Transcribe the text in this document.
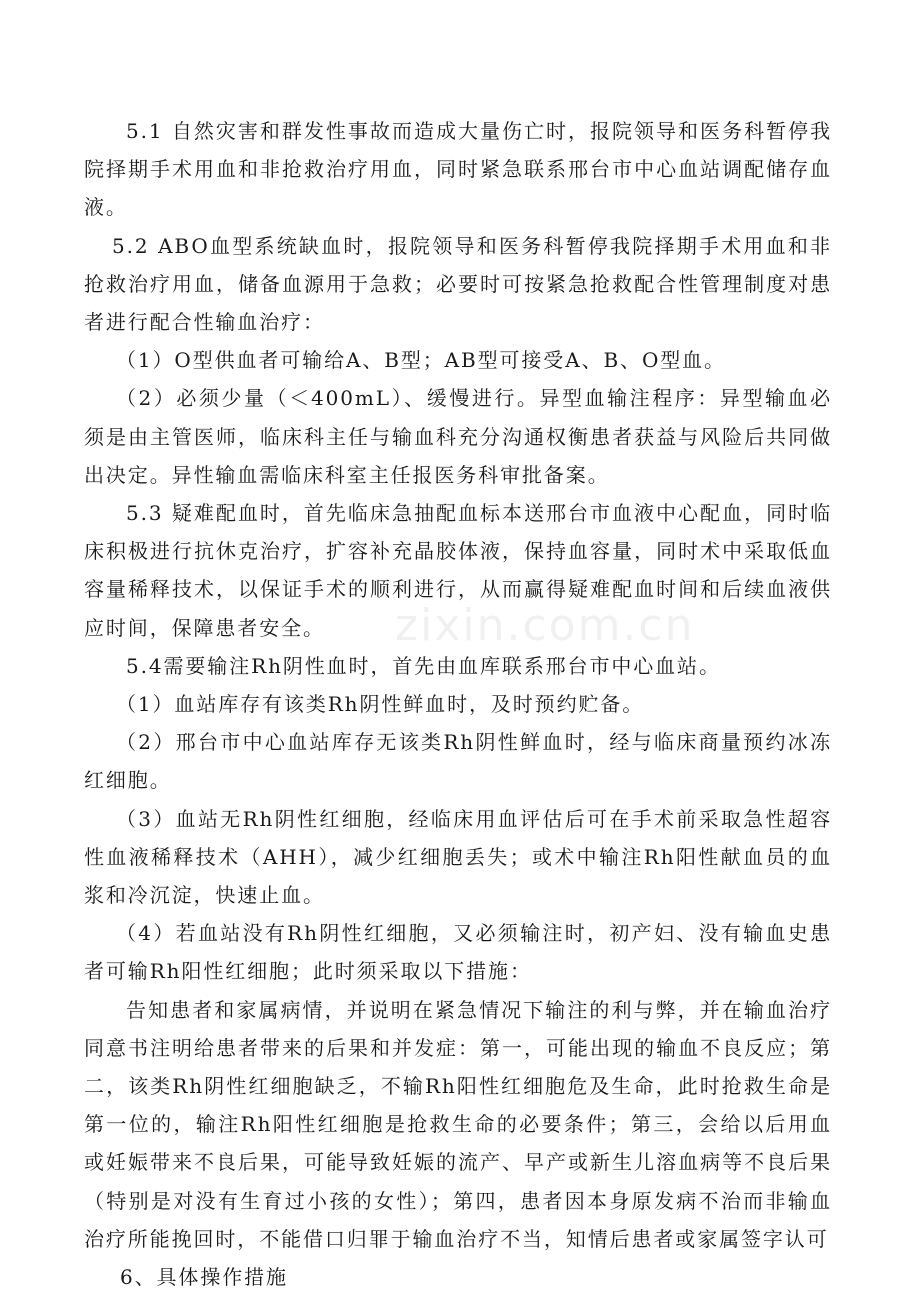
5.1 自然灾害和群发性事故而造成大量伤亡时，报院领导和医务科暂停我院择期手术用血和非抢救治疗用血，同时紧急联系邢台市中心血站调配储存血液。

5.2 ABO血型系统缺血时，报院领导和医务科暂停我院择期手术用血和非抢救治疗用血，储备血源用于急救；必要时可按紧急抢救配合性管理制度对患者进行配合性输血治疗：

（1）O型供血者可输给A、B型；AB型可接受A、B、O型血。

（2）必须少量（＜400mL）、缓慢进行。异型血输注程序：异型输血必须是由主管医师，临床科主任与输血科充分沟通权衡患者获益与风险后共同做出决定。异性输血需临床科室主任报医务科审批备案。

5.3 疑难配血时，首先临床急抽配血标本送邢台市血液中心配血，同时临床积极进行抗休克治疗，扩容补充晶胶体液，保持血容量，同时术中采取低血容量稀释技术，以保证手术的顺利进行，从而赢得疑难配血时间和后续血液供应时间，保障患者安全。

5.4需要输注Rh阴性血时，首先由血库联系邢台市中心血站。

（1）血站库存有该类Rh阴性鲜血时，及时预约贮备。

（2）邢台市中心血站库存无该类Rh阴性鲜血时，经与临床商量预约冰冻红细胞。

（3）血站无Rh阴性红细胞，经临床用血评估后可在手术前采取急性超容性血液稀释技术（AHH），减少红细胞丢失；或术中输注Rh阳性献血员的血浆和冷沉淀，快速止血。

（4）若血站没有Rh阴性红细胞，又必须输注时，初产妇、没有输血史患者可输Rh阳性红细胞；此时须采取以下措施：

告知患者和家属病情，并说明在紧急情况下输注的利与弊，并在输血治疗同意书注明给患者带来的后果和并发症：第一，可能出现的输血不良反应；第二，该类Rh阴性红细胞缺乏，不输Rh阳性红细胞危及生命，此时抢救生命是第一位的，输注Rh阳性红细胞是抢救生命的必要条件；第三，会给以后用血或妊娠带来不良后果，可能导致妊娠的流产、早产或新生儿溶血病等不良后果（特别是对没有生育过小孩的女性）；第四，患者因本身原发病不治而非输血治疗所能挽回时，不能借口归罪于输血治疗不当，知情后患者或家属签字认可

6、具体操作措施

zixin.com.cn
